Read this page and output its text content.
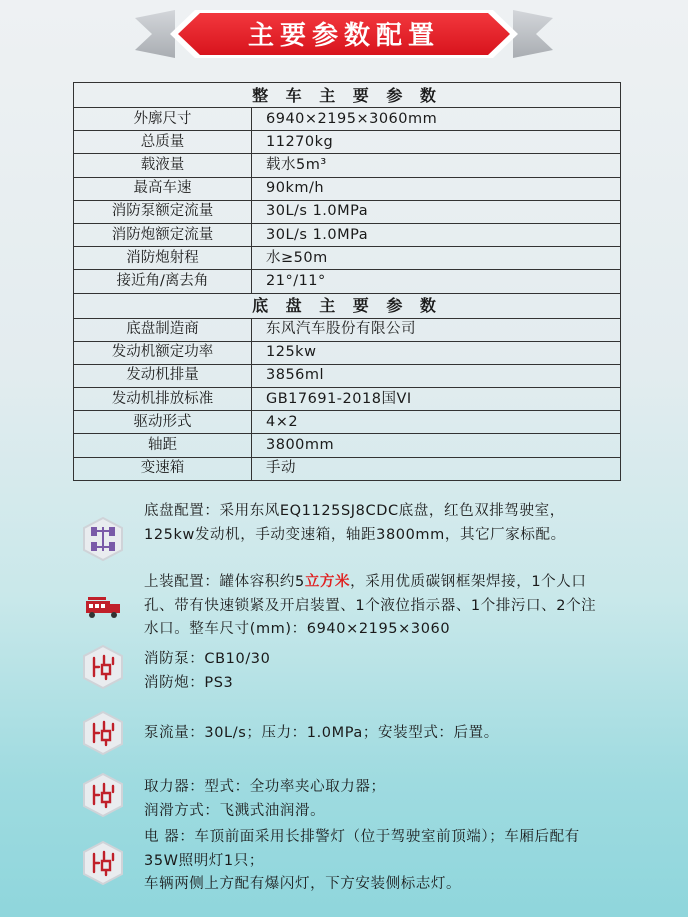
主要参数配置
整 车 主 要 参 数	
外廓尺寸	6940×2195×3060mm
总质量	11270kg
载液量	载水5m³
最高车速	90km/h
消防泵额定流量	30L/s 1.0MPa
消防炮额定流量	30L/s 1.0MPa
消防炮射程	水≥50m
接近角/离去角	21°/11°
底 盘 主 要 参 数	
底盘制造商	东风汽车股份有限公司
发动机额定功率	125kw
发动机排量	3856ml
发动机排放标准	GB17691-2018国VI
驱动形式	4×2
轴距	3800mm
变速箱	手动
底盘配置：采用东风EQ1125SJ8CDC底盘，红色双排驾驶室，125kw发动机，手动变速箱，轴距3800mm，其它厂家标配。
上装配置：罐体容积约5立方米，采用优质碳钢框架焊接，1个人口孔、带有快速锁紧及开启装置、1个液位指示器、1个排污口、2个注水口。整车尺寸(mm)：6940×2195×3060
消防泵：CB10/30
消防炮：PS3
泵流量：30L/s；压力：1.0MPa；安装型式：后置。
取力器：型式：全功率夹心取力器；
润滑方式：飞溅式油润滑。
电 器：车顶前面采用长排警灯（位于驾驶室前顶端）；车厢后配有35W照明灯1只；
车辆两侧上方配有爆闪灯，下方安装侧标志灯。
